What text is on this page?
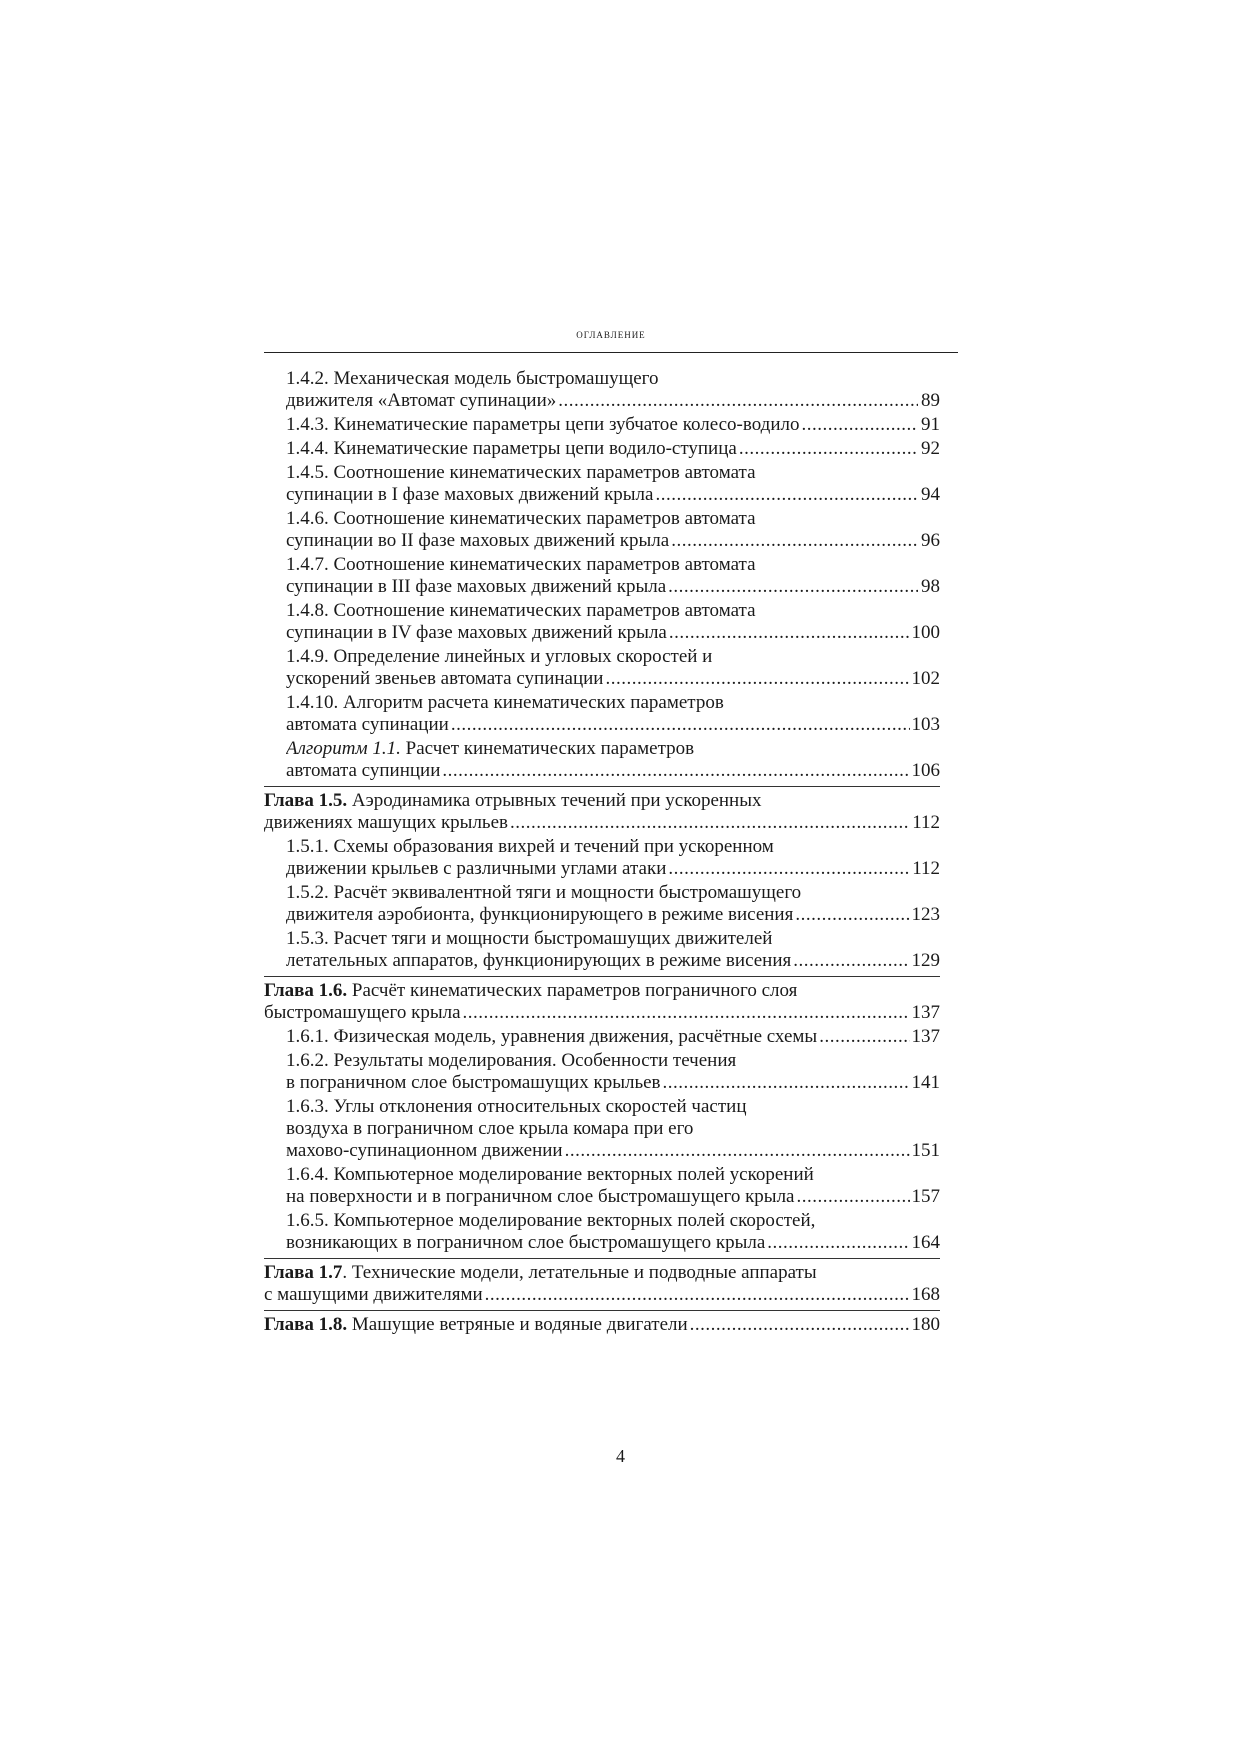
оглавление
1.4.2. Механическая модель быстромашущего
движителя «Автомат супинации» .....	89
1.4.3. Кинематические параметры цепи зубчатое колесо-водило .....	91
1.4.4. Кинематические параметры цепи водило-ступица .....	92
1.4.5. Соотношение кинематических параметров автомата
супинации в I фазе маховых движений крыла .....	94
1.4.6. Соотношение кинематических параметров автомата
супинации во II фазе маховых движений крыла .....	96
1.4.7. Соотношение кинематических параметров автомата
супинации в III фазе маховых движений крыла .....	98
1.4.8. Соотношение кинематических параметров автомата
супинации в IV фазе маховых движений крыла .....	100
1.4.9. Определение линейных и угловых скоростей и
ускорений звеньев автомата супинации .....	102
1.4.10. Алгоритм расчета кинематических параметров
автомата супинации .....	103
Алгоритм 1.1. Расчет кинематических параметров
автомата супинции .....	106
Глава 1.5. Аэродинамика отрывных течений при ускоренных
движениях машущих крыльев .....	112
1.5.1. Схемы образования вихрей и течений при ускоренном
движении крыльев с различными углами атаки .....	112
1.5.2. Расчёт эквивалентной тяги и мощности быстромашущего
движителя аэробионта, функционирующего в режиме висения .....	123
1.5.3. Расчет тяги и мощности быстромашущих движителей
летательных аппаратов, функционирующих в режиме висения .....	129
Глава 1.6. Расчёт кинематических параметров пограничного слоя
быстромашущего крыла .....	137
1.6.1. Физическая модель, уравнения движения, расчётные схемы .....	137
1.6.2. Результаты моделирования. Особенности течения
в пограничном слое быстромашущих крыльев .....	141
1.6.3. Углы отклонения относительных скоростей частиц
воздуха в пограничном слое крыла комара при его
махово-супинационном движении .....	151
1.6.4. Компьютерное моделирование векторных полей ускорений
на поверхности и в пограничном слое быстромашущего крыла .....	157
1.6.5. Компьютерное моделирование векторных полей скоростей,
возникающих в пограничном слое быстромашущего крыла .....	164
Глава 1.7. Технические модели, летательные и подводные аппараты
с машущими движителями .....	168
Глава 1.8. Машущие ветряные и водяные двигатели .....	180
4
